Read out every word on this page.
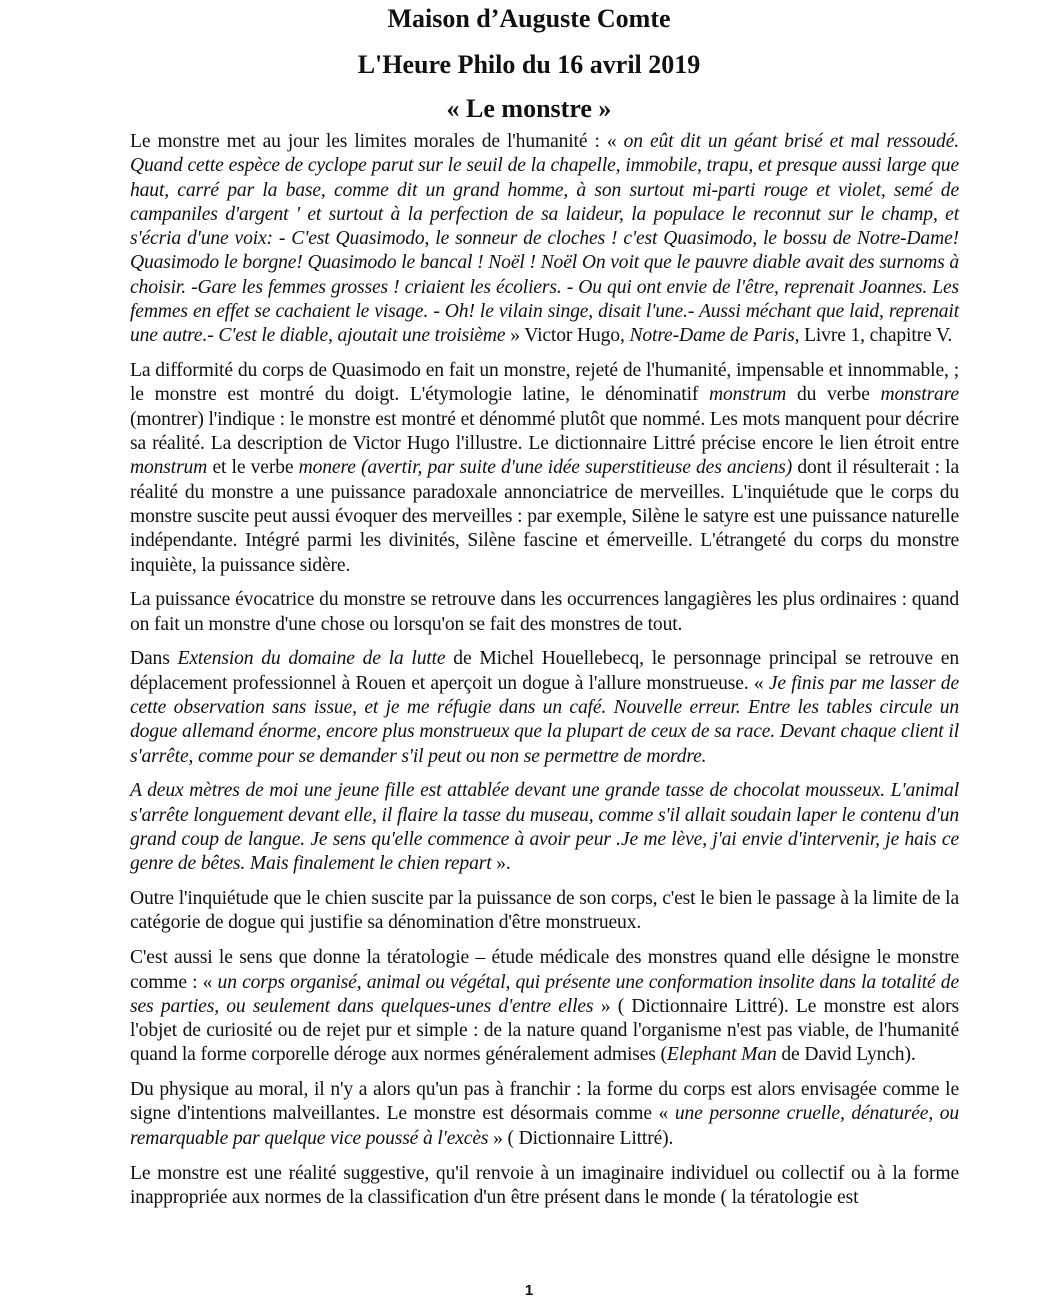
Maison d’Auguste Comte
L'Heure Philo du 16 avril 2019
« Le monstre »

Le monstre met au jour les limites morales de l'humanité : « on eût dit un géant brisé et mal ressoudé. Quand cette espèce de cyclope parut sur le seuil de la chapelle, immobile, trapu, et presque aussi large que haut, carré par la base, comme dit un grand homme, à son surtout mi-parti rouge et violet, semé de campaniles d'argent ' et surtout à la perfection de sa laideur, la populace le reconnut sur le champ, et s'écria d'une voix: - C'est Quasimodo, le sonneur de cloches ! c'est Quasimodo, le bossu de Notre-Dame! Quasimodo le borgne! Quasimodo le bancal ! Noël ! Noël On voit que le pauvre diable avait des surnoms à choisir. -Gare les femmes grosses ! criaient les écoliers. - Ou qui ont envie de l'être, reprenait Joannes. Les femmes en effet se cachaient le visage. - Oh! le vilain singe, disait l'une.- Aussi méchant que laid, reprenait une autre.- C'est le diable, ajoutait une troisième » Victor Hugo, Notre-Dame de Paris, Livre 1, chapitre V.

La difformité du corps de Quasimodo en fait un monstre, rejeté de l'humanité, impensable et innommable, ; le monstre est montré du doigt. L'étymologie latine, le dénominatif monstrum du verbe monstrare (montrer) l'indique : le monstre est montré et dénommé plutôt que nommé. Les mots manquent pour décrire sa réalité. La description de Victor Hugo l'illustre. Le dictionnaire Littré précise encore le lien étroit entre monstrum et le verbe monere (avertir, par suite d'une idée superstitieuse des anciens) dont il résulterait : la réalité du monstre a une puissance paradoxale annonciatrice de merveilles. L'inquiétude que le corps du monstre suscite peut aussi évoquer des merveilles : par exemple, Silène le satyre est une puissance naturelle indépendante. Intégré parmi les divinités, Silène fascine et émerveille. L'étrangeté du corps du monstre inquiète, la puissance sidère.

La puissance évocatrice du monstre se retrouve dans les occurrences langagières les plus ordinaires : quand on fait un monstre d'une chose ou lorsqu'on se fait des monstres de tout.

Dans Extension du domaine de la lutte de Michel Houellebecq, le personnage principal se retrouve en déplacement professionnel à Rouen et aperçoit un dogue à l'allure monstrueuse. « Je finis par me lasser de cette observation sans issue, et je me réfugie dans un café. Nouvelle erreur. Entre les tables circule un dogue allemand énorme, encore plus monstrueux que la plupart de ceux de sa race. Devant chaque client il s'arrête, comme pour se demander s'il peut ou non se permettre de mordre.

A deux mètres de moi une jeune fille est attablée devant une grande tasse de chocolat mousseux. L'animal s'arrête longuement devant elle, il flaire la tasse du museau, comme s'il allait soudain laper le contenu d'un grand coup de langue. Je sens qu'elle commence à avoir peur .Je me lève, j'ai envie d'intervenir, je hais ce genre de bêtes. Mais finalement le chien repart ».

Outre l'inquiétude que le chien suscite par la puissance de son corps, c'est le bien le passage à la limite de la catégorie de dogue qui justifie sa dénomination d'être monstrueux.

C'est aussi le sens que donne la tératologie – étude médicale des monstres quand elle désigne le monstre comme : « un corps organisé, animal ou végétal, qui présente une conformation insolite dans la totalité de ses parties, ou seulement dans quelques-unes d'entre elles » ( Dictionnaire Littré). Le monstre est alors l'objet de curiosité ou de rejet pur et simple : de la nature quand l'organisme n'est pas viable, de l'humanité quand la forme corporelle déroge aux normes généralement admises (Elephant Man de David Lynch).

Du physique au moral, il n'y a alors qu'un pas à franchir : la forme du corps est alors envisagée comme le signe d'intentions malveillantes. Le monstre est désormais comme « une personne cruelle, dénaturée, ou remarquable par quelque vice poussé à l'excès » ( Dictionnaire Littré).

Le monstre est une réalité suggestive, qu'il renvoie à un imaginaire individuel ou collectif ou à la forme inappropriée aux normes de la classification d'un être présent dans le monde ( la tératologie est

1
